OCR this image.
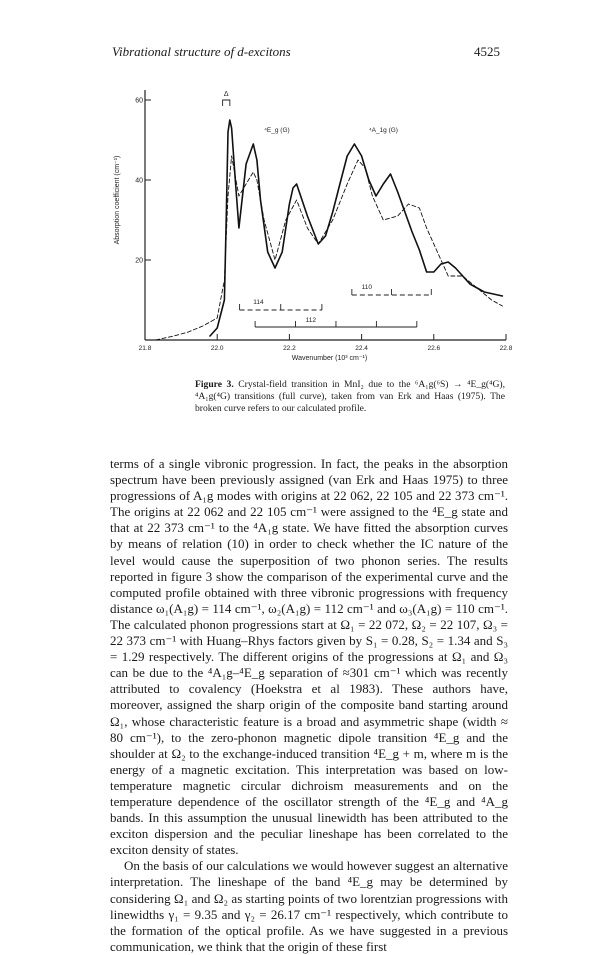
Vibrational structure of d-excitons	4525
21.8	22.0	22.2	22.4	22.6	22.8
20
40
60
Wavenumber (10³ cm⁻¹)
Absorption coefficient (cm⁻¹)
Δ
⁴E_g (G)	⁴A_1g (G)
114
112
110
Figure 3. Crystal-field transition in MnI₂ due to the ⁶A₁g(⁶S) → ⁴E_g(⁴G), ⁴A₁g(⁴G) transitions (full curve), taken from van Erk and Haas (1975). The broken curve refers to our calculated profile.

terms of a single vibronic progression. In fact, the peaks in the absorption spectrum have been previously assigned (van Erk and Haas 1975) to three progressions of A₁g modes with origins at 22 062, 22 105 and 22 373 cm⁻¹. The origins at 22 062 and 22 105 cm⁻¹ were assigned to the ⁴E_g state and that at 22 373 cm⁻¹ to the ⁴A₁g state. We have fitted the absorption curves by means of relation (10) in order to check whether the IC nature of the level would cause the superposition of two phonon series. The results reported in figure 3 show the comparison of the experimental curve and the computed profile obtained with three vibronic progressions with frequency distance ω₁(A₁g) = 114 cm⁻¹, ω₂(A₁g) = 112 cm⁻¹ and ω₃(A₁g) = 110 cm⁻¹. The calculated phonon progressions start at Ω₁ = 22 072, Ω₂ = 22 107, Ω₃ = 22 373 cm⁻¹ with Huang–Rhys factors given by S₁ = 0.28, S₂ = 1.34 and S₃ = 1.29 respectively. The different origins of the progressions at Ω₁ and Ω₃ can be due to the ⁴A₁g–⁴E_g separation of ≈301 cm⁻¹ which was recently attributed to covalency (Hoekstra et al 1983). These authors have, moreover, assigned the sharp origin of the composite band starting around Ω₁, whose characteristic feature is a broad and asymmetric shape (width ≈ 80 cm⁻¹), to the zero-phonon magnetic dipole transition ⁴E_g and the shoulder at Ω₂ to the exchange-induced transition ⁴E_g + m, where m is the energy of a magnetic excitation. This interpretation was based on low-temperature magnetic circular dichroism measurements and on the temperature dependence of the oscillator strength of the ⁴E_g and ⁴A_g bands. In this assumption the unusual linewidth has been attributed to the exciton dispersion and the peculiar lineshape has been correlated to the exciton density of states.

On the basis of our calculations we would however suggest an alternative interpretation. The lineshape of the band ⁴E_g may be determined by considering Ω₁ and Ω₂ as starting points of two lorentzian progressions with linewidths γ₁ = 9.35 and γ₂ = 26.17 cm⁻¹ respectively, which contribute to the formation of the optical profile. As we have suggested in a previous communication, we think that the origin of these first
